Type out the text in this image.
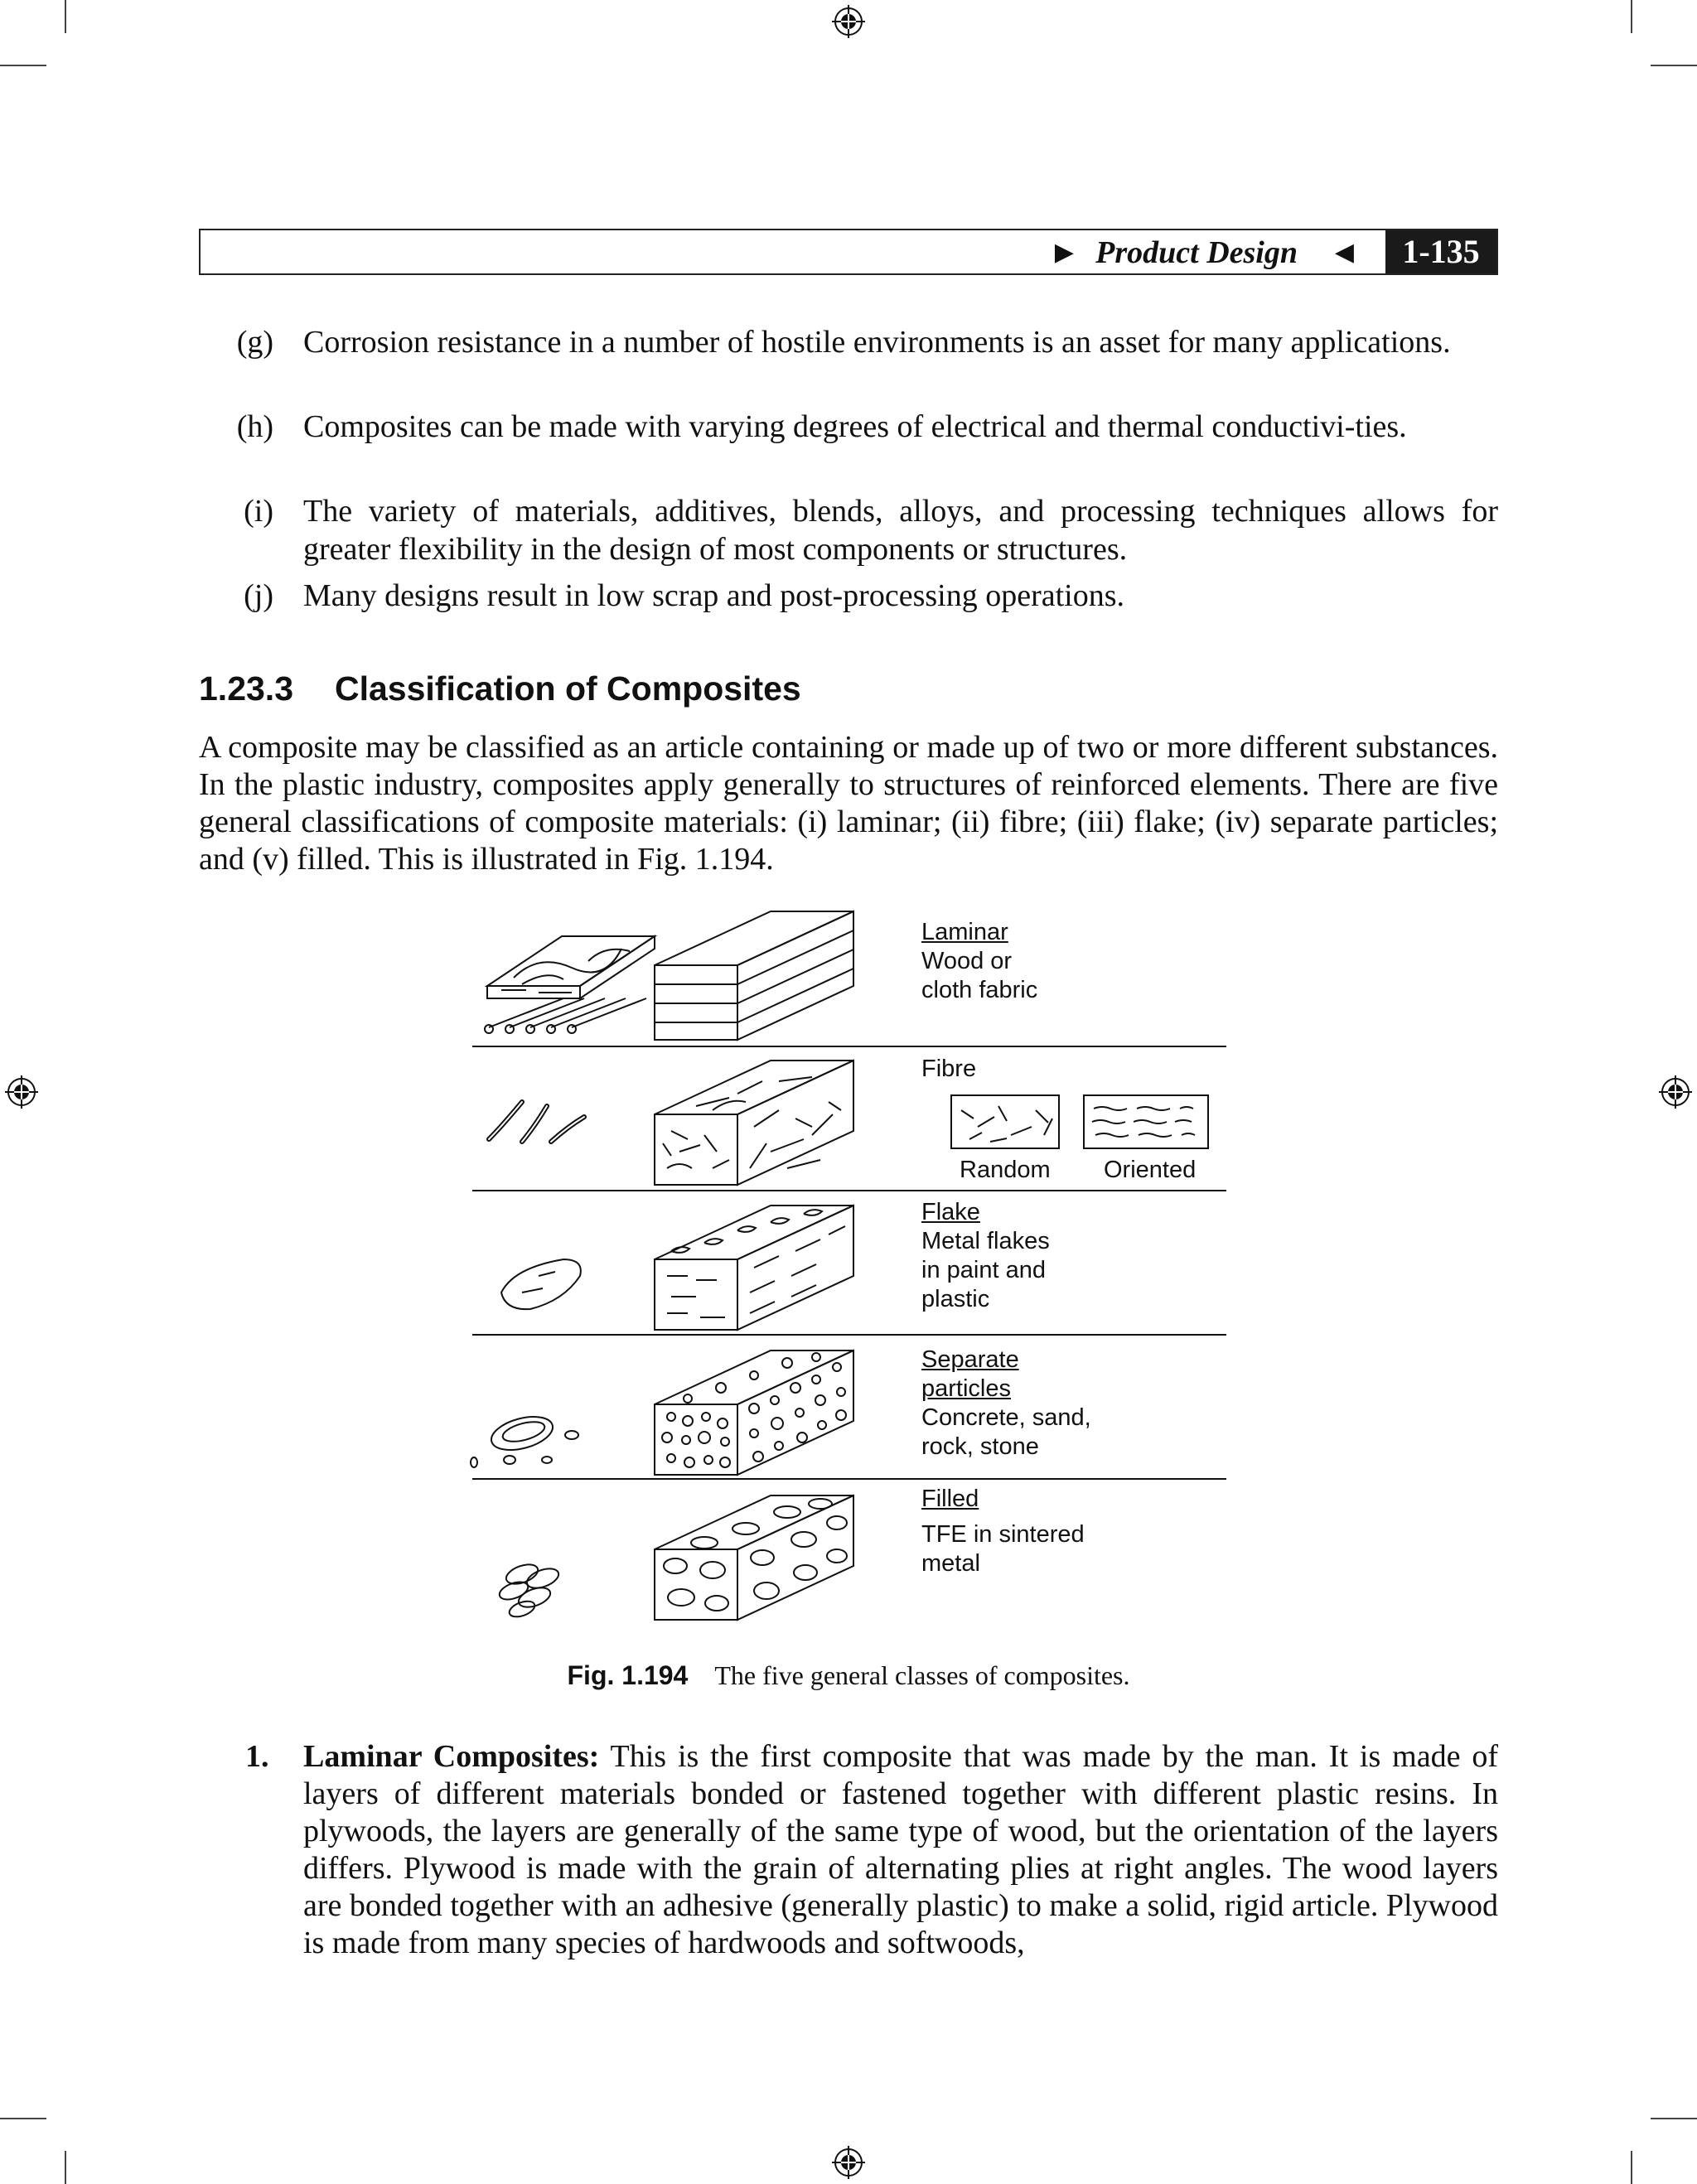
▶ Product Design ◀	1-135
(g) Corrosion resistance in a number of hostile environments is an asset for many applications.
(h) Composites can be made with varying degrees of electrical and thermal conductivi-ties.
(i) The variety of materials, additives, blends, alloys, and processing techniques allows for greater flexibility in the design of most components or structures.
(j) Many designs result in low scrap and post-processing operations.
1.23.3 Classification of Composites
A composite may be classified as an article containing or made up of two or more different substances. In the plastic industry, composites apply generally to structures of reinforced elements. There are five general classifications of composite materials: (i) laminar; (ii) fibre; (iii) flake; (iv) separate particles; and (v) filled. This is illustrated in Fig. 1.194.
Laminar
Wood or
cloth fabric
Fibre
Random Oriented
Flake
Metal flakes
in paint and
plastic
Separate
particles
Concrete, sand,
rock, stone
Filled
TFE in sintered
metal
Fig. 1.194 The five general classes of composites.
1. Laminar Composites: This is the first composite that was made by the man. It is made of layers of different materials bonded or fastened together with different plastic resins. In plywoods, the layers are generally of the same type of wood, but the orientation of the layers differs. Plywood is made with the grain of alternating plies at right angles. The wood layers are bonded together with an adhesive (generally plastic) to make a solid, rigid article. Plywood is made from many species of hardwoods and softwoods,
